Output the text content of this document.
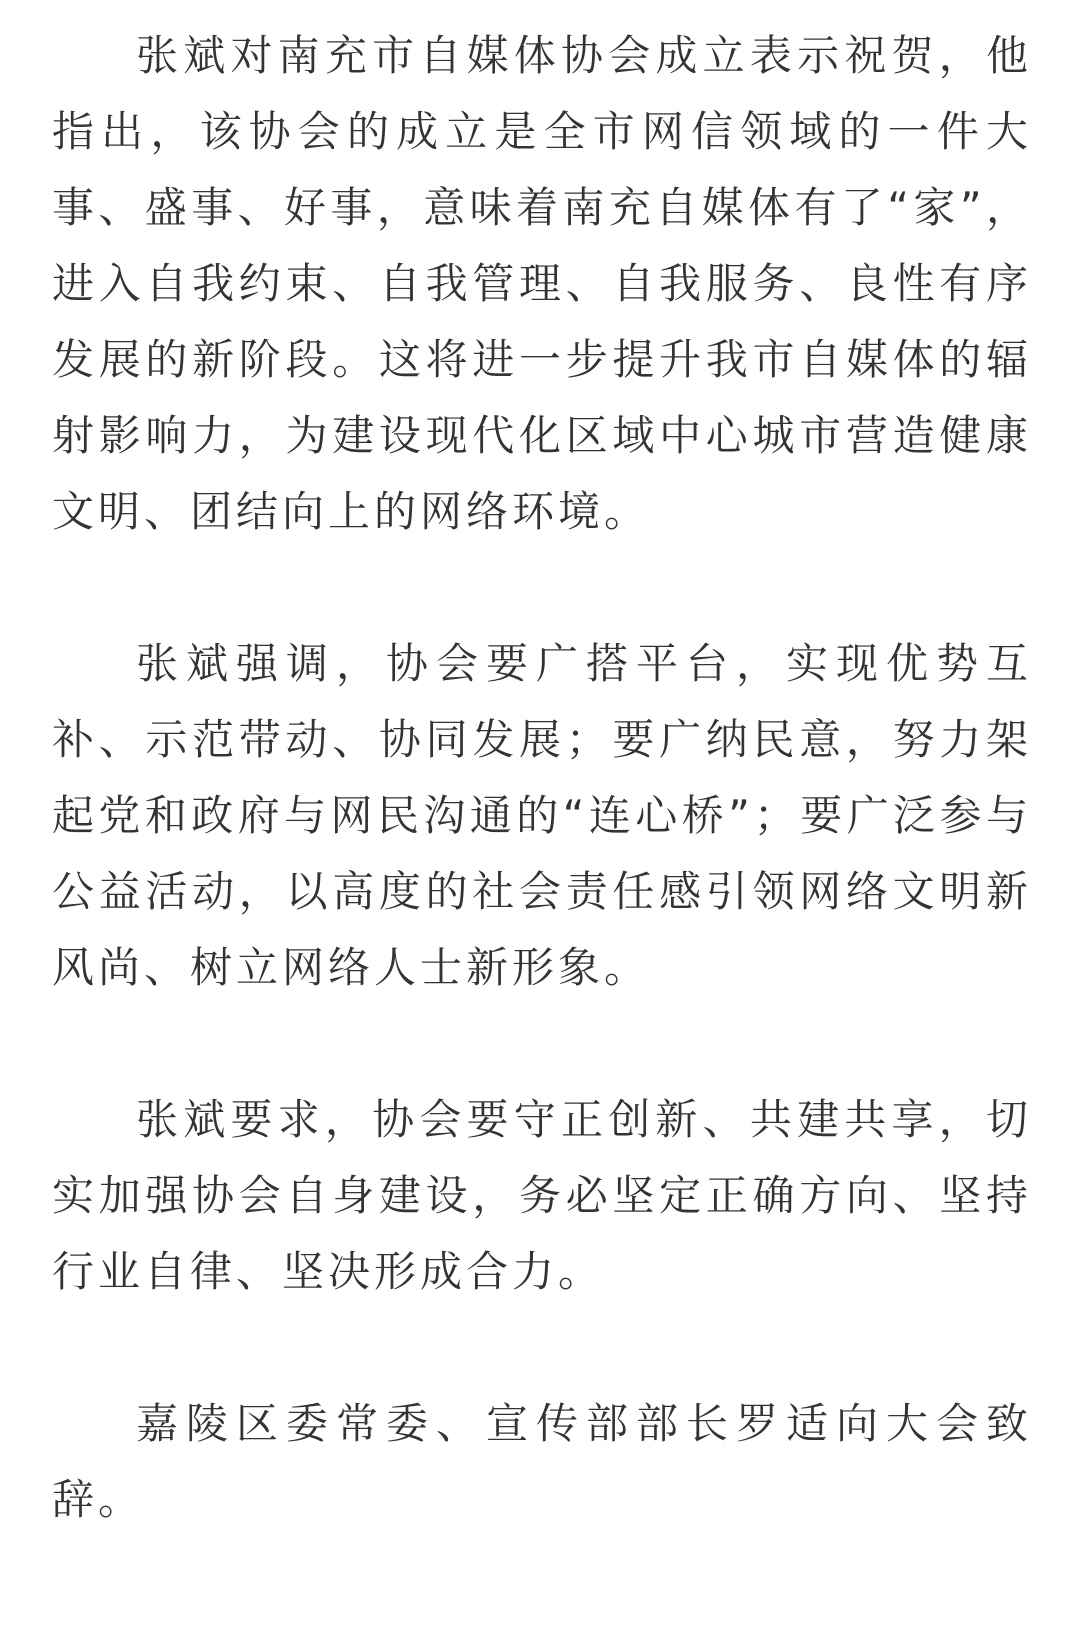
张斌对南充市自媒体协会成立表示祝贺，他指出，该协会的成立是全市网信领域的一件大事、盛事、好事，意味着南充自媒体有了“家”，进入自我约束、自我管理、自我服务、良性有序发展的新阶段。这将进一步提升我市自媒体的辐射影响力，为建设现代化区域中心城市营造健康文明、团结向上的网络环境。

张斌强调，协会要广搭平台，实现优势互补、示范带动、协同发展；要广纳民意，努力架起党和政府与网民沟通的“连心桥”；要广泛参与公益活动，以高度的社会责任感引领网络文明新风尚、树立网络人士新形象。

张斌要求，协会要守正创新、共建共享，切实加强协会自身建设，务必坚定正确方向、坚持行业自律、坚决形成合力。

嘉陵区委常委、宣传部部长罗适向大会致辞。
